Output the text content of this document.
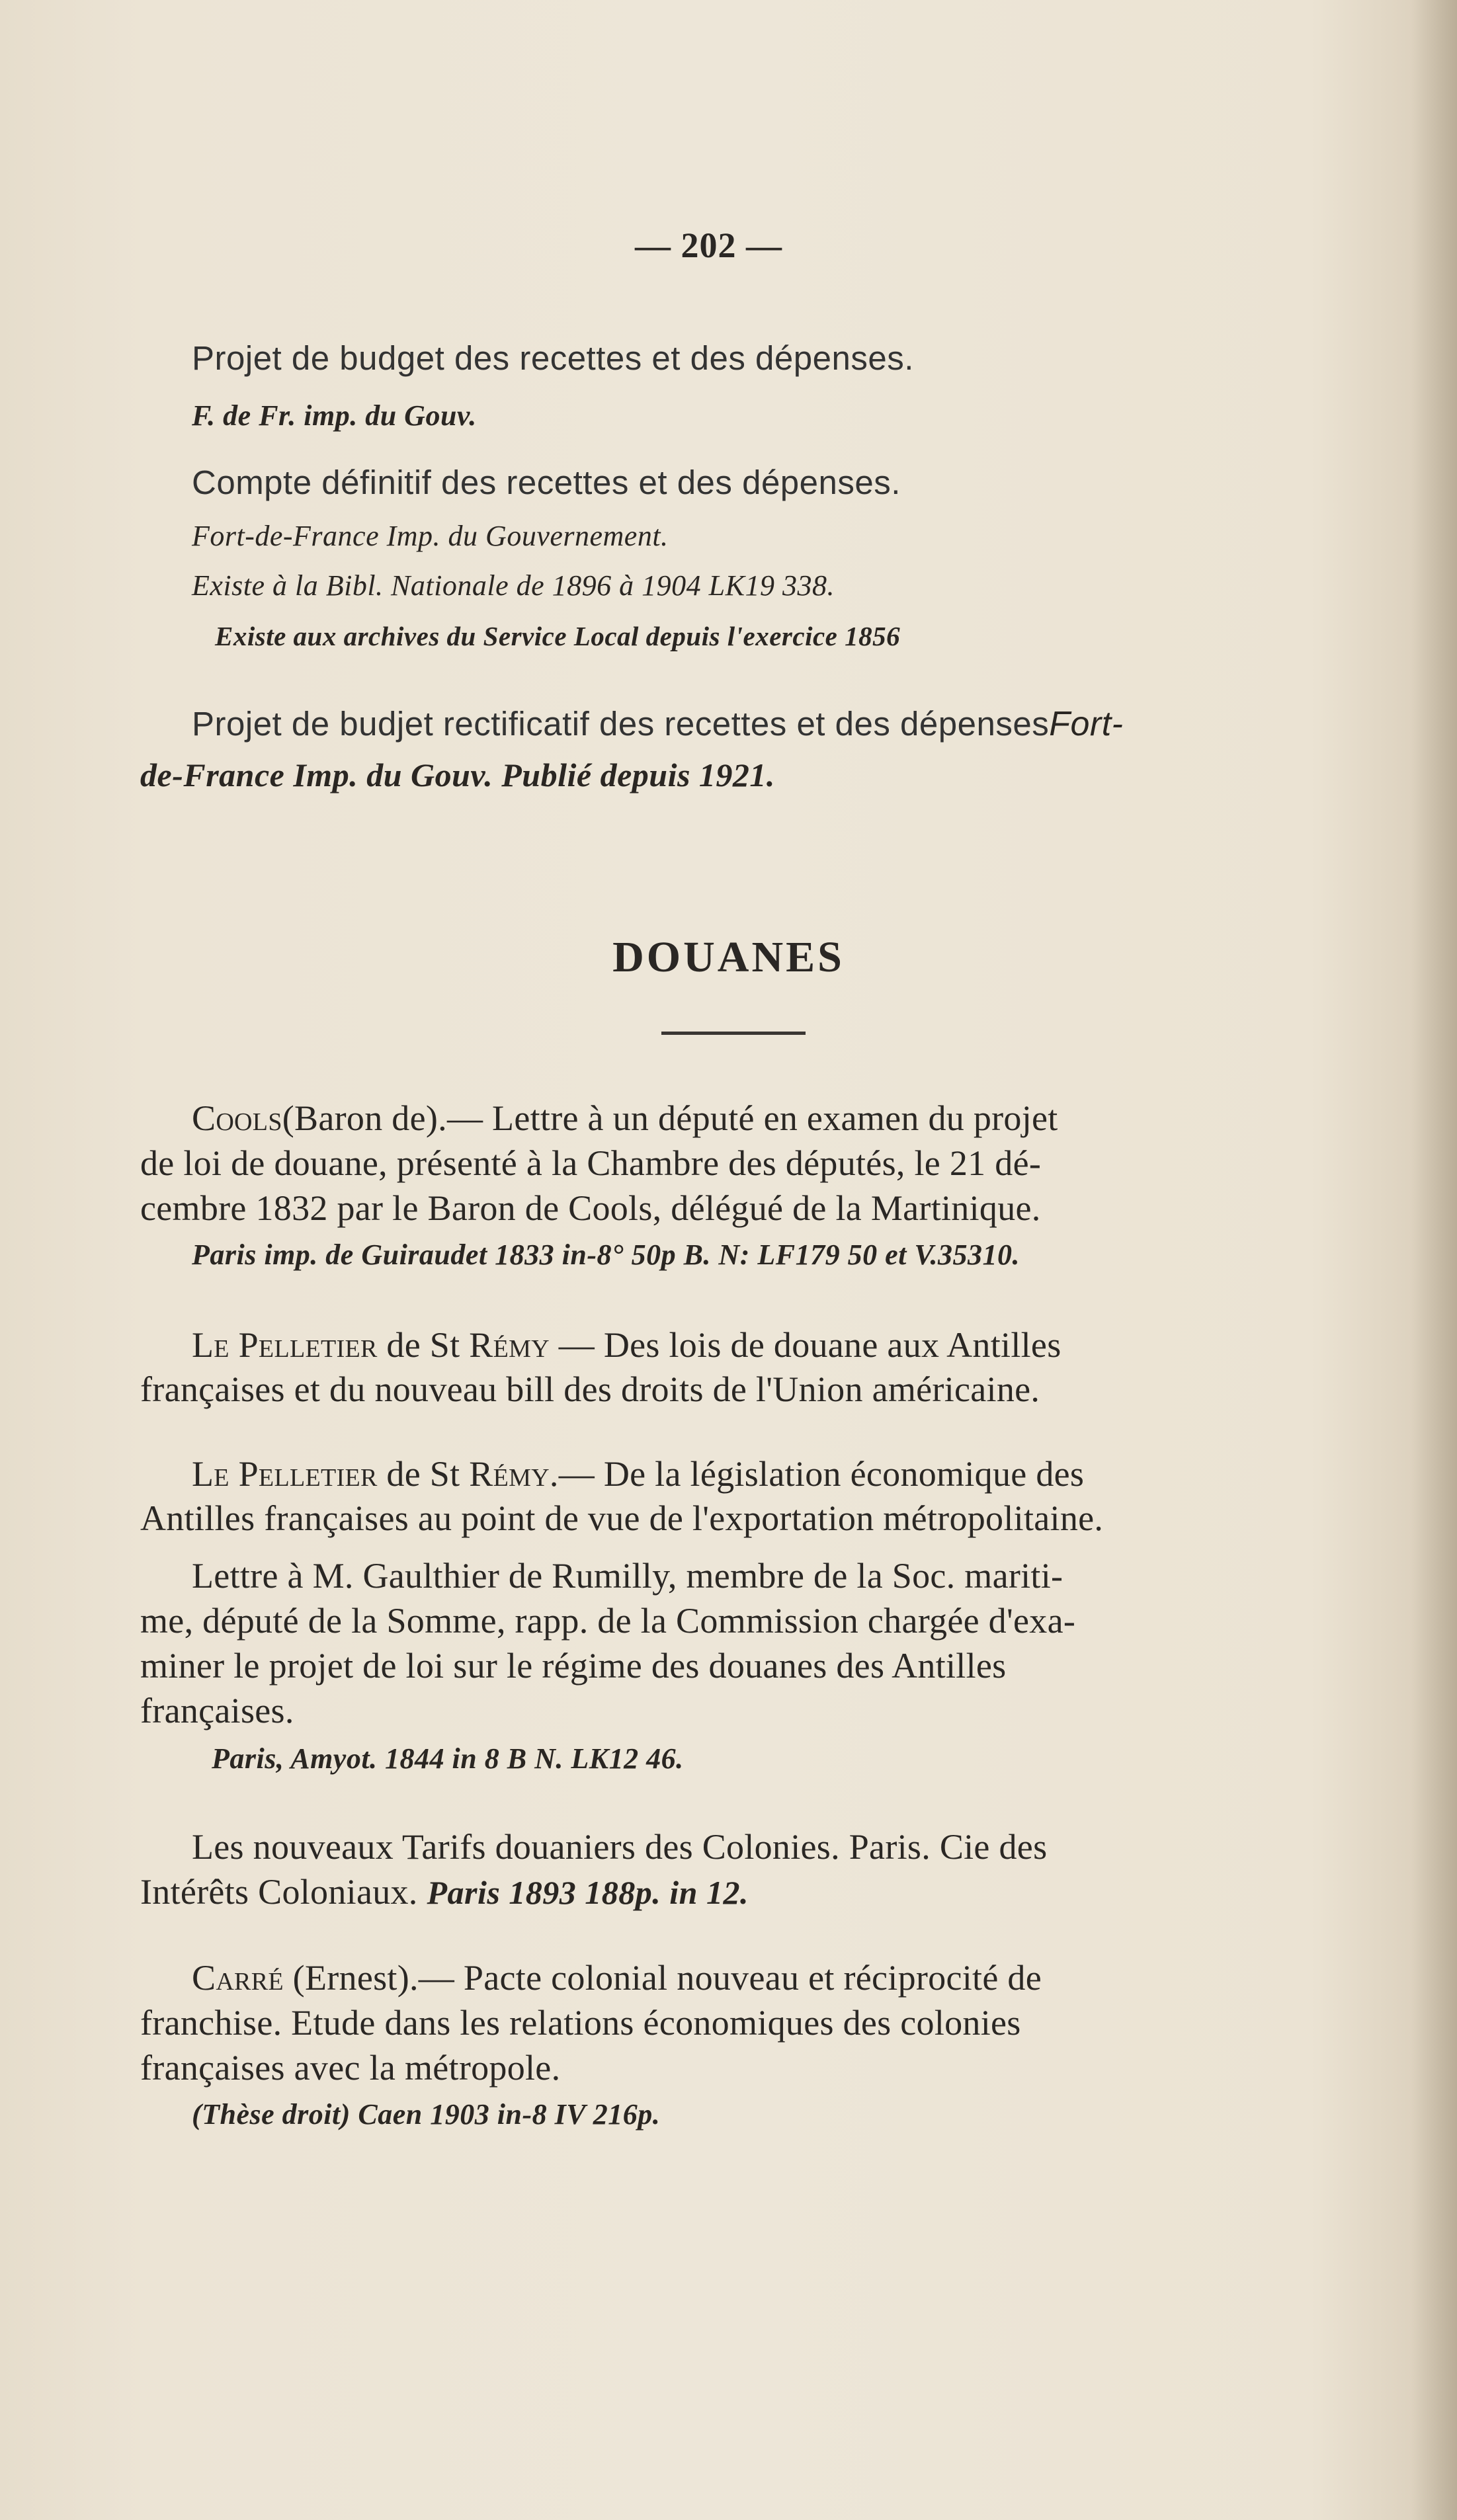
— 202 —
Projet de budget des recettes et des dépenses.
F. de Fr. imp. du Gouv.
Compte définitif des recettes et des dépenses.
Fort-de-France Imp. du Gouvernement.
Existe à la Bibl. Nationale de 1896 à 1904 LK19 338.
Existe aux archives du Service Local depuis l'exercice 1856
Projet de budjet rectificatif des recettes et des dépensesFort-
de-France Imp. du Gouv. Publié depuis 1921.
DOUANES
Cools(Baron de).— Lettre à un député en examen du projet
de loi de douane, présenté à la Chambre des députés, le 21 dé-
cembre 1832 par le Baron de Cools, délégué de la Martinique.
Paris imp. de Guiraudet 1833 in-8° 50p B. N: LF179 50 et V.35310.
Le Pelletier de St Rémy — Des lois de douane aux Antilles
françaises et du nouveau bill des droits de l'Union américaine.
Le Pelletier de St Rémy.— De la législation économique des
Antilles françaises au point de vue de l'exportation métropolitaine.
Lettre à M. Gaulthier de Rumilly, membre de la Soc. mariti-
me, député de la Somme, rapp. de la Commission chargée d'exa-
miner le projet de loi sur le régime des douanes des Antilles
françaises.
Paris, Amyot. 1844 in 8 B N. LK12 46.
Les nouveaux Tarifs douaniers des Colonies. Paris. Cie des
Intérêts Coloniaux. Paris 1893 188p. in 12.
Carré (Ernest).— Pacte colonial nouveau et réciprocité de
franchise. Etude dans les relations économiques des colonies
françaises avec la métropole.
(Thèse droit) Caen 1903 in-8 IV 216p.
